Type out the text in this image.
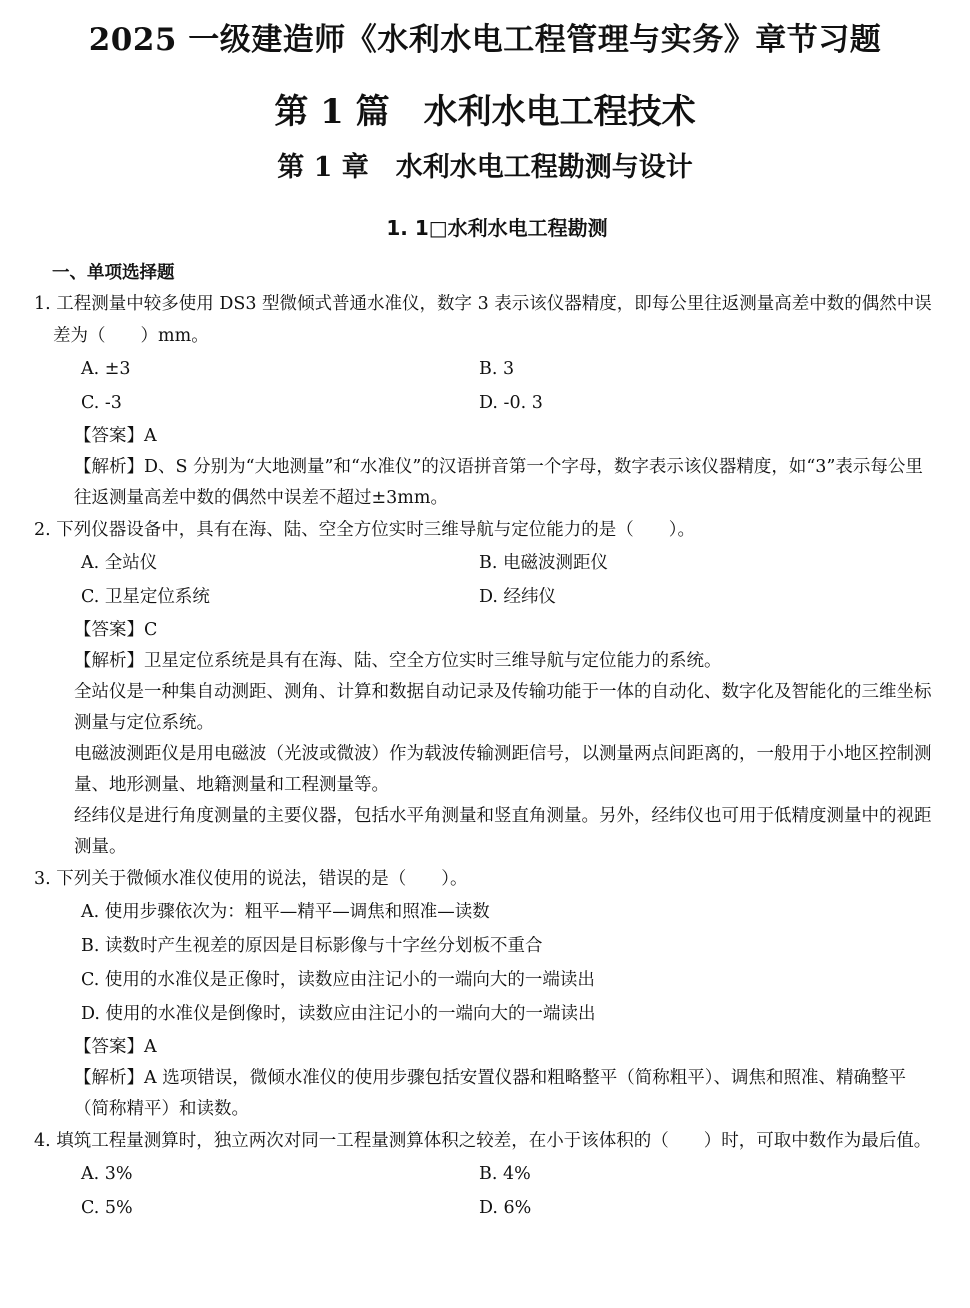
2025 一级建造师《水利水电工程管理与实务》章节习题
第 1 篇　水利水电工程技术
第 1 章　水利水电工程勘测与设计
1. 1□水利水电工程勘测
一、单项选择题

1. 工程测量中较多使用 DS3 型微倾式普通水准仪，数字 3 表示该仪器精度，即每公里往返测量高差中数的偶然中误差为（　　）mm。

A. ±3	B. 3
C. -3	D. -0. 3
【答案】A
【解析】D、S 分别为“大地测量”和“水准仪”的汉语拼音第一个字母，数字表示该仪器精度，如“3”表示每公里往返测量高差中数的偶然中误差不超过±3mm。

2. 下列仪器设备中，具有在海、陆、空全方位实时三维导航与定位能力的是（　　）。

A. 全站仪	B. 电磁波测距仪
C. 卫星定位系统	D. 经纬仪
【答案】C
【解析】卫星定位系统是具有在海、陆、空全方位实时三维导航与定位能力的系统。
全站仪是一种集自动测距、测角、计算和数据自动记录及传输功能于一体的自动化、数字化及智能化的三维坐标测量与定位系统。
电磁波测距仪是用电磁波（光波或微波）作为载波传输测距信号，以测量两点间距离的，一般用于小地区控制测量、地形测量、地籍测量和工程测量等。
经纬仪是进行角度测量的主要仪器，包括水平角测量和竖直角测量。另外，经纬仪也可用于低精度测量中的视距测量。

3. 下列关于微倾水准仪使用的说法，错误的是（　　）。

A. 使用步骤依次为：粗平—精平—调焦和照准—读数
B. 读数时产生视差的原因是目标影像与十字丝分划板不重合
C. 使用的水准仪是正像时，读数应由注记小的一端向大的一端读出
D. 使用的水准仪是倒像时，读数应由注记小的一端向大的一端读出
【答案】A
【解析】A 选项错误，微倾水准仪的使用步骤包括安置仪器和粗略整平（简称粗平）、调焦和照准、精确整平（简称精平）和读数。

4. 填筑工程量测算时，独立两次对同一工程量测算体积之较差，在小于该体积的（　　）时，可取中数作为最后值。

A. 3%	B. 4%
C. 5%	D. 6%
